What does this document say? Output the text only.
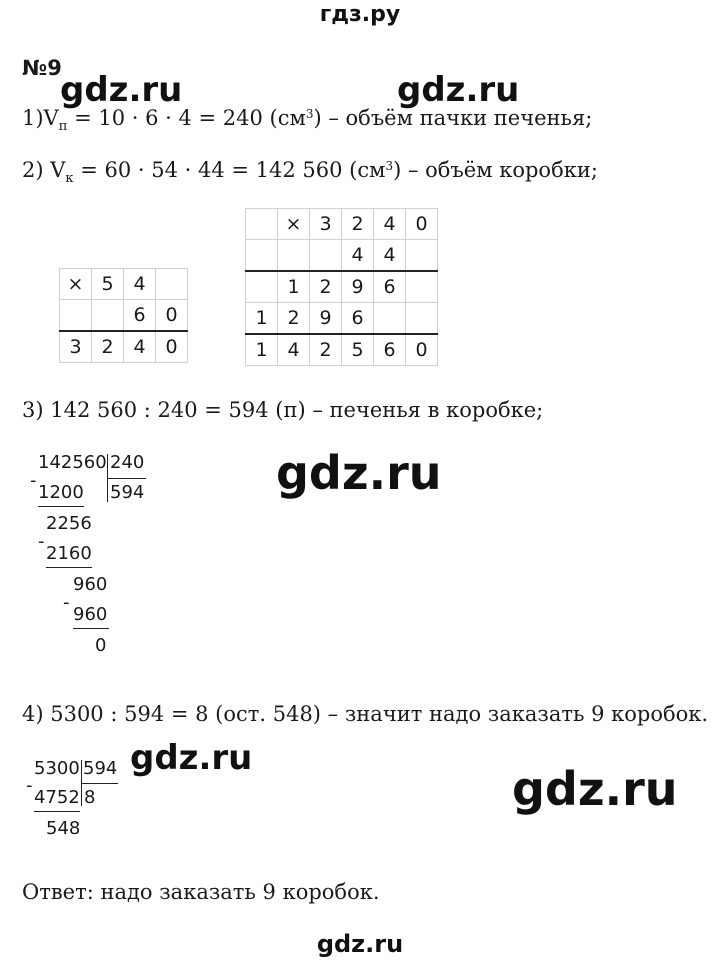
гдз.ру
№9
gdz.ru	gdz.ru
gdz.ru
gdz.ru
gdz.ru
gdz.ru
$1)V_п = 10 \cdot 6 \cdot 4 = 240$ $(см^3)$ – объём пачки печенья;
2) $V_к = 60 \cdot 54 \cdot 44 = 142$ 560 $(см^3)$ – объём коробки;
×	5	4	
		6	0
3	2	4	0
	×	3	2	4	0
			4	4	
	1	2	9	6	
1	2	9	6		
1	4	2	5	6	0
3) 142 560 : 240 = 594 (п) – печенья в коробке;
142560 240
594
-
1200
2256
-
2160
960
-
960
0
4) 5300 : 594 = 8 (ост. 548) – значит надо заказать 9 коробок.
5300 594
8
-
4752
548
Ответ: надо заказать 9 коробок.
